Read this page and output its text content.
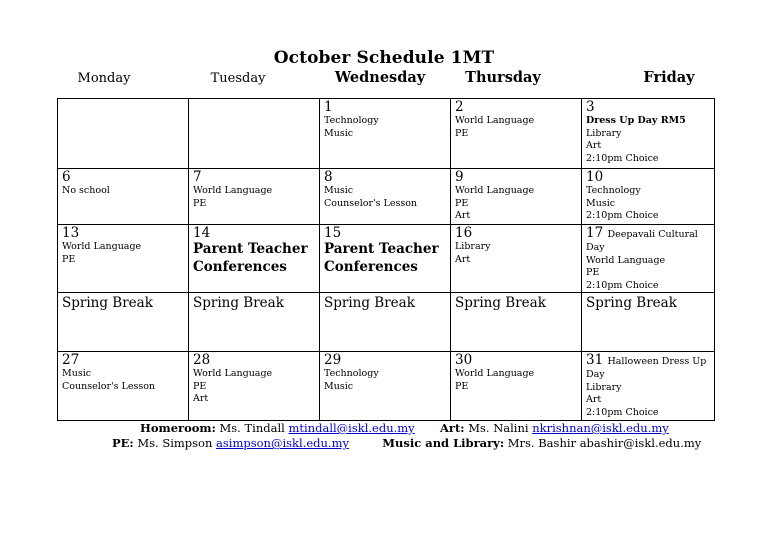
October Schedule 1MT
Monday	Tuesday	Wednesday	Thursday	Friday

		1
Technology
Music	2
World Language
PE	3
Dress Up Day RM5
Library
Art
2:10pm Choice

6
No school	7
World Language
PE	8
Music
Counselor's Lesson	9
World Language
PE
Art	10
Technology
Music
2:10pm Choice

13
World Language
PE	14
Parent Teacher
Conferences	15
Parent Teacher
Conferences	16
Library
Art	17 Deepavali Cultural
Day
World Language
PE
2:10pm Choice

Spring Break	Spring Break	Spring Break	Spring Break	Spring Break

27
Music
Counselor's Lesson	28
World Language
PE
Art	29
Technology
Music	30
World Language
PE	31 Halloween Dress Up
Day
Library
Art
2:10pm Choice
Homeroom: Ms. Tindall mtindall@iskl.edu.my Art: Ms. Nalini nkrishnan@iskl.edu.my
PE: Ms. Simpson asimpson@iskl.edu.my	Music and Library: Mrs. Bashir abashir@iskl.edu.my
